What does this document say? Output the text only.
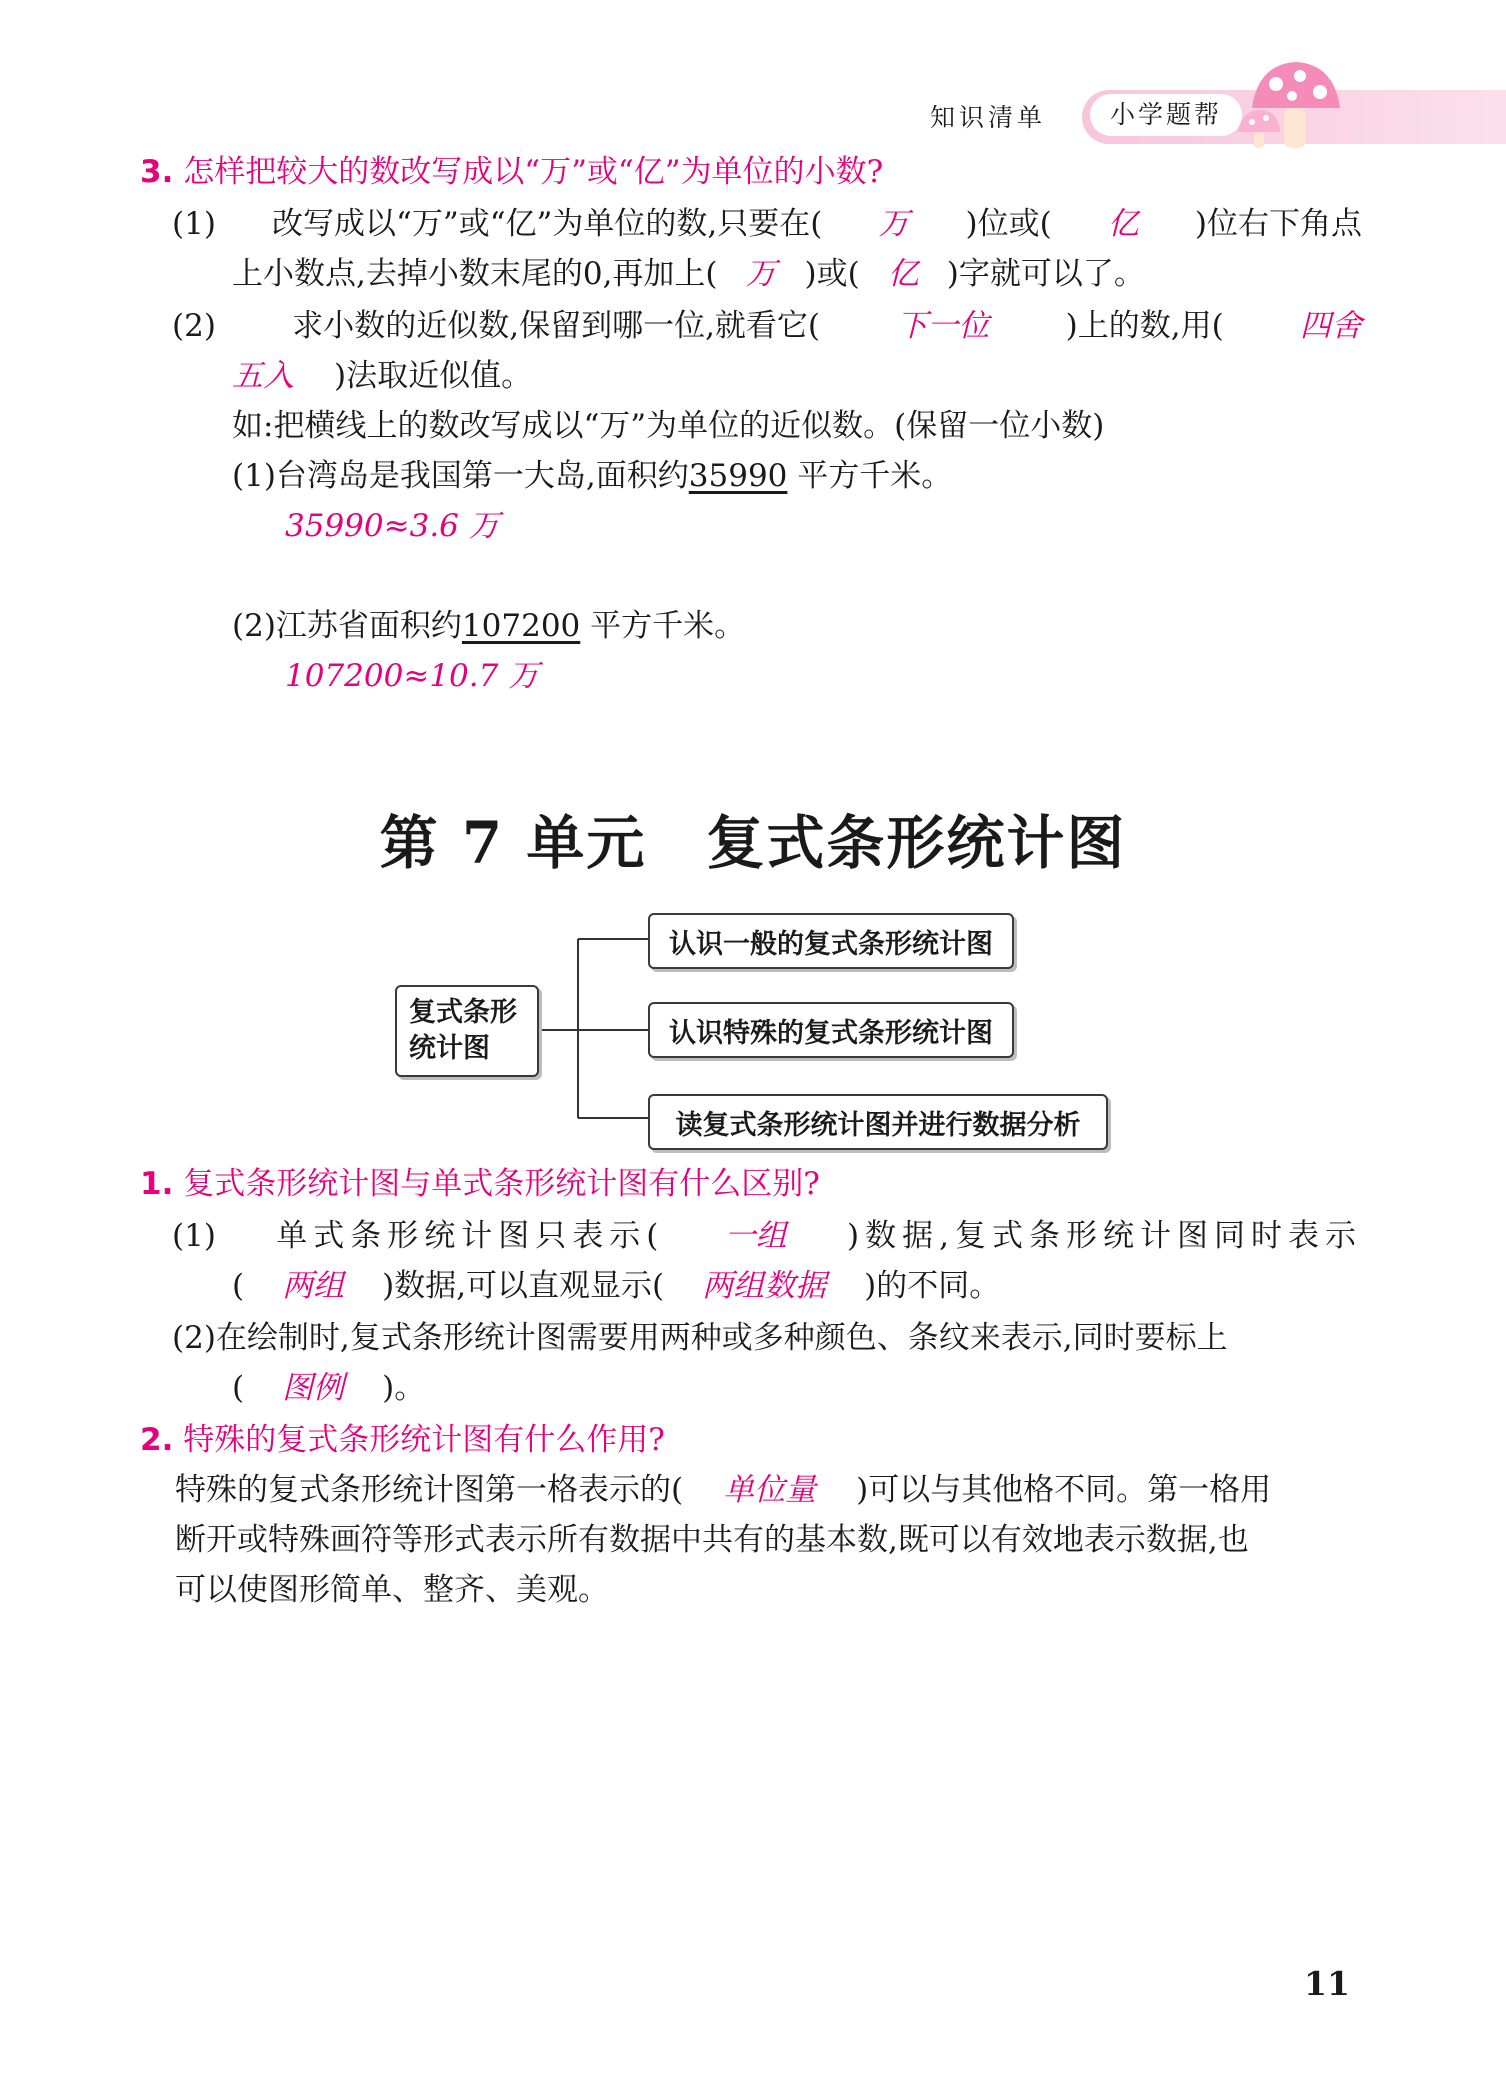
知识清单	小学题帮
3. 怎样把较大的数改写成以“万”或“亿”为单位的小数?
(1) 改写成以“万”或“亿”为单位的数,只要在( 万 )位或( 亿 )位右下角点
上小数点,去掉小数末尾的0,再加上( 万 )或( 亿 )字就可以了。
(2) 求小数的近似数,保留到哪一位,就看它( 下一位 )上的数,用( 四舍
五入 )法取近似值。
如:把横线上的数改写成以“万”为单位的近似数。(保留一位小数)
(1)台湾岛是我国第一大岛,面积约35990 平方千米。
35990≈3.6 万
(2)江苏省面积约107200 平方千米。
107200≈10.7 万
第 7 单元　复式条形统计图
复式条形
统计图
认识一般的复式条形统计图
认识特殊的复式条形统计图
读复式条形统计图并进行数据分析
1. 复式条形统计图与单式条形统计图有什么区别?
(1) 单式条形统计图只表示( 一组 )数据,复式条形统计图同时表示
( 两组 )数据,可以直观显示( 两组数据 )的不同。
(2)在绘制时,复式条形统计图需要用两种或多种颜色、条纹来表示,同时要标上
( 图例 )。
2. 特殊的复式条形统计图有什么作用?
特殊的复式条形统计图第一格表示的( 单位量 )可以与其他格不同。第一格用
断开或特殊画符等形式表示所有数据中共有的基本数,既可以有效地表示数据,也
可以使图形简单、整齐、美观。
11
